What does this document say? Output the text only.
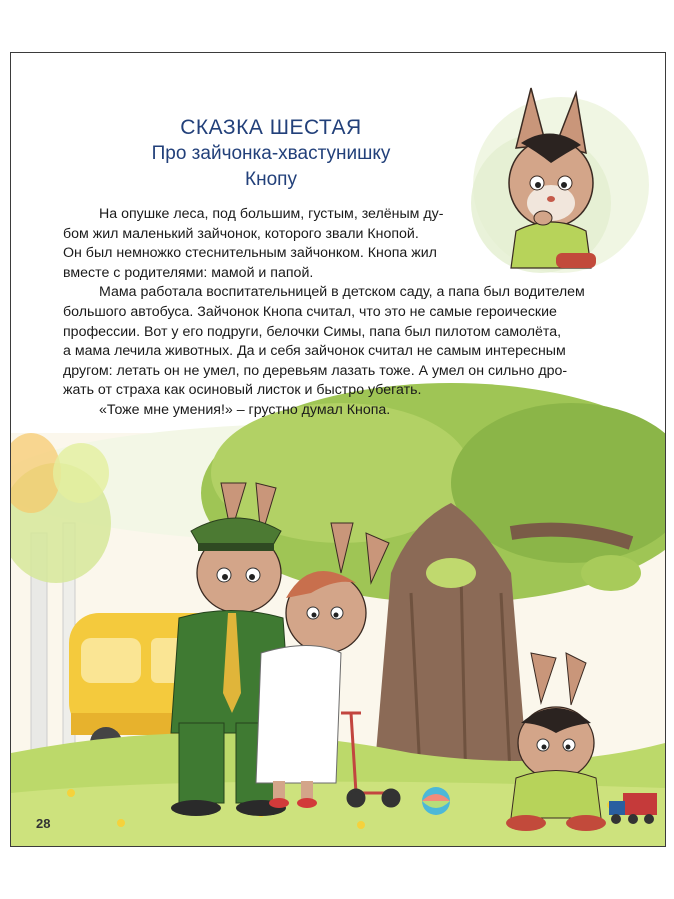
СКАЗКА ШЕСТАЯ
Про зайчонка-хвастунишку
Кнопу
На опушке леса, под большим, густым, зелёным ду-
бом жил маленький зайчонок, которого звали Кнопой.
Он был немножко стеснительным зайчонком. Кнопа жил
вместе с родителями: мамой и папой.
Мама работала воспитательницей в детском саду, а папа был водителем
большого автобуса. Зайчонок Кнопа считал, что это не самые героические
профессии. Вот у его подруги, белочки Симы, папа был пилотом самолёта,
а мама лечила животных. Да и себя зайчонок считал не самым интересным
другом: летать он не умел, по деревьям лазать тоже. А умел он сильно дро-
жать от страха как осиновый листок и быстро убегать.
«Тоже мне умения!» – грустно думал Кнопа.
28
